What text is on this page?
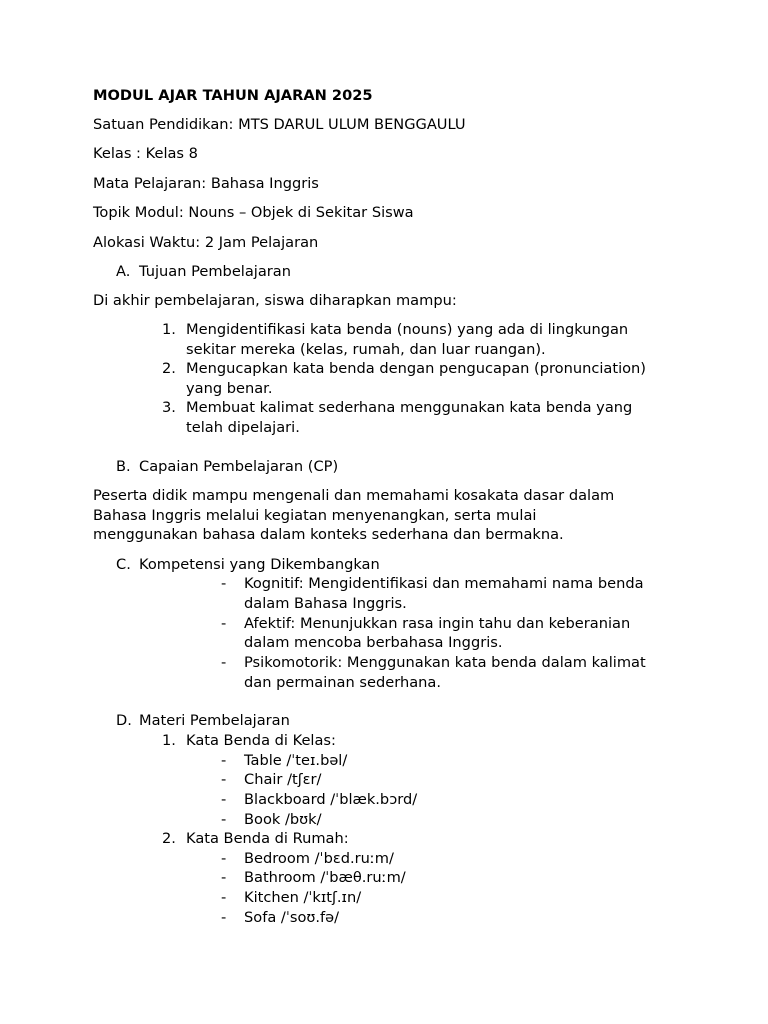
MODUL AJAR TAHUN AJARAN 2025
Satuan Pendidikan: MTS DARUL ULUM BENGGAULU
Kelas : Kelas 8
Mata Pelajaran: Bahasa Inggris
Topik Modul: Nouns – Objek di Sekitar Siswa
Alokasi Waktu: 2 Jam Pelajaran
A. Tujuan Pembelajaran
Di akhir pembelajaran, siswa diharapkan mampu:
1. Mengidentifikasi kata benda (nouns) yang ada di lingkungan
sekitar mereka (kelas, rumah, dan luar ruangan).
2. Mengucapkan kata benda dengan pengucapan (pronunciation)
yang benar.
3. Membuat kalimat sederhana menggunakan kata benda yang
telah dipelajari.
B. Capaian Pembelajaran (CP)
Peserta didik mampu mengenali dan memahami kosakata dasar dalam
Bahasa Inggris melalui kegiatan menyenangkan, serta mulai
menggunakan bahasa dalam konteks sederhana dan bermakna.
C. Kompetensi yang Dikembangkan
- Kognitif: Mengidentifikasi dan memahami nama benda
dalam Bahasa Inggris.
- Afektif: Menunjukkan rasa ingin tahu dan keberanian
dalam mencoba berbahasa Inggris.
- Psikomotorik: Menggunakan kata benda dalam kalimat
dan permainan sederhana.
D. Materi Pembelajaran
1. Kata Benda di Kelas:
- Table /ˈteɪ.bəl/
- Chair /tʃɛr/
- Blackboard /ˈblæk.bɔrd/
- Book /bʊk/
2. Kata Benda di Rumah:
- Bedroom /ˈbɛd.ruːm/
- Bathroom /ˈbæθ.ruːm/
- Kitchen /ˈkɪtʃ.ɪn/
- Sofa /ˈsoʊ.fə/
